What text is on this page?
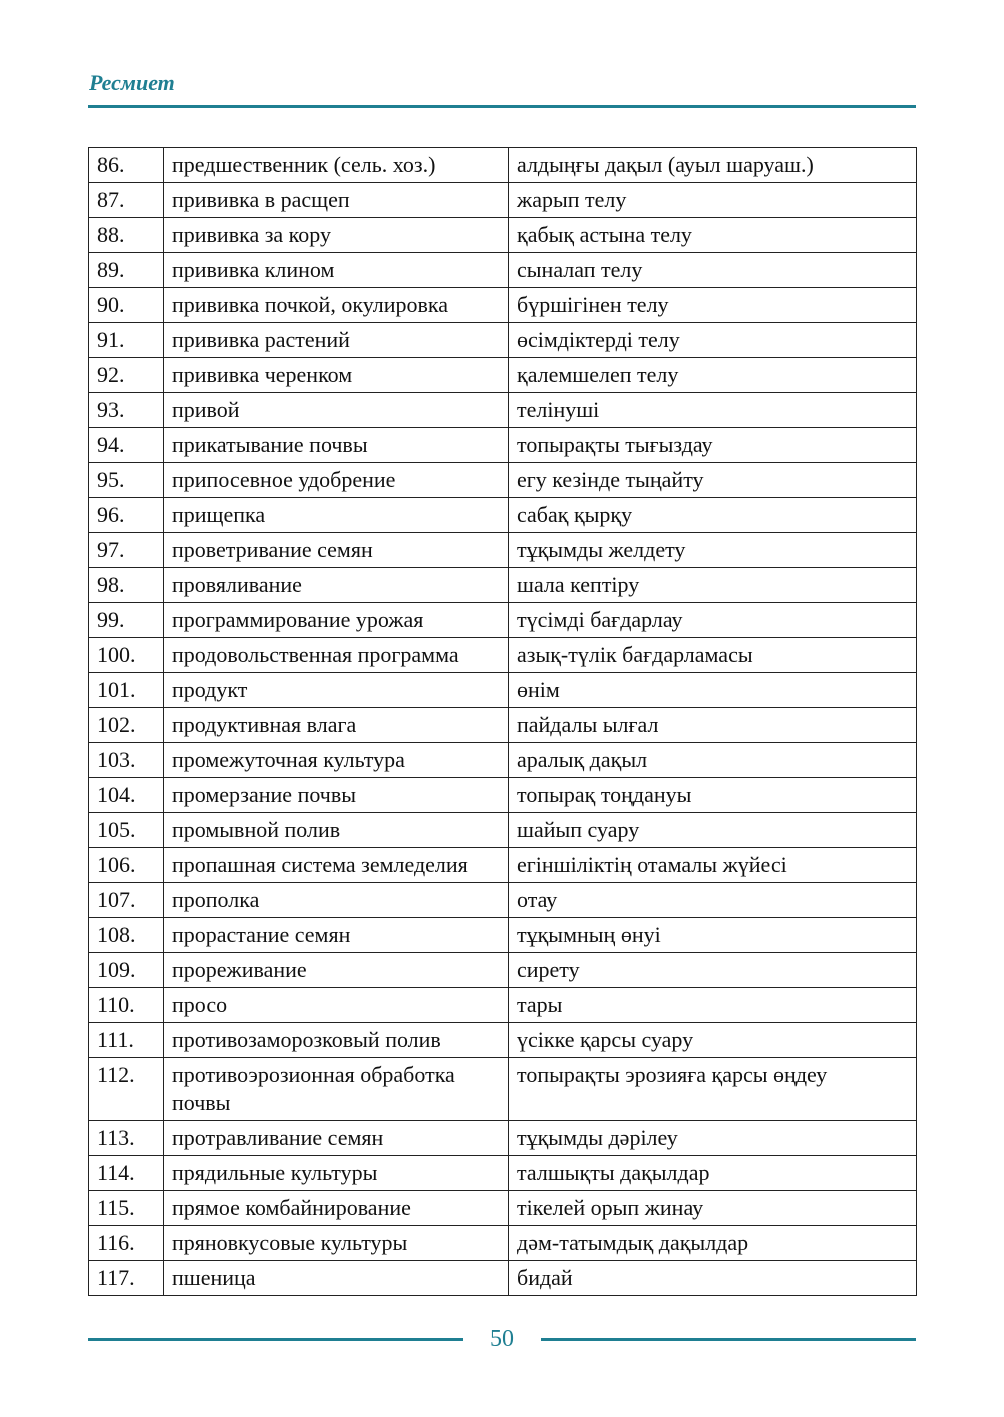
Ресмиет
86.	предшественник (сель. хоз.)	алдыңғы дақыл (ауыл шаруаш.)
87.	прививка в расщеп	жарып телу
88.	прививка за кору	қабық астына телу
89.	прививка клином	сыналап телу
90.	прививка почкой, окулировка	бүршігінен телу
91.	прививка растений	өсімдіктерді телу
92.	прививка черенком	қалемшелеп телу
93.	привой	телінуші
94.	прикатывание почвы	топырақты тығыздау
95.	припосевное удобрение	егу кезінде тыңайту
96.	прищепка	сабақ қырқу
97.	проветривание семян	тұқымды желдету
98.	провяливание	шала кептіру
99.	программирование урожая	түсімді бағдарлау
100.	продовольственная программа	азық-түлік бағдарламасы
101.	продукт	өнім
102.	продуктивная влага	пайдалы ылғал
103.	промежуточная культура	аралық дақыл
104.	промерзание почвы	топырақ тоңдануы
105.	промывной полив	шайып суару
106.	пропашная система земледелия	егіншіліктің отамалы жүйесі
107.	прополка	отау
108.	прорастание семян	тұқымның өнуі
109.	прореживание	сирету
110.	просо	тары
111.	противозаморозковый полив	үсікке қарсы суару
112.	противоэрозионная обработка почвы	топырақты эрозияға қарсы өңдеу
113.	протравливание семян	тұқымды дәрілеу
114.	прядильные культуры	талшықты дақылдар
115.	прямое комбайнирование	тікелей орып жинау
116.	пряновкусовые культуры	дәм-татымдық дақылдар
117.	пшеница	бидай
50
